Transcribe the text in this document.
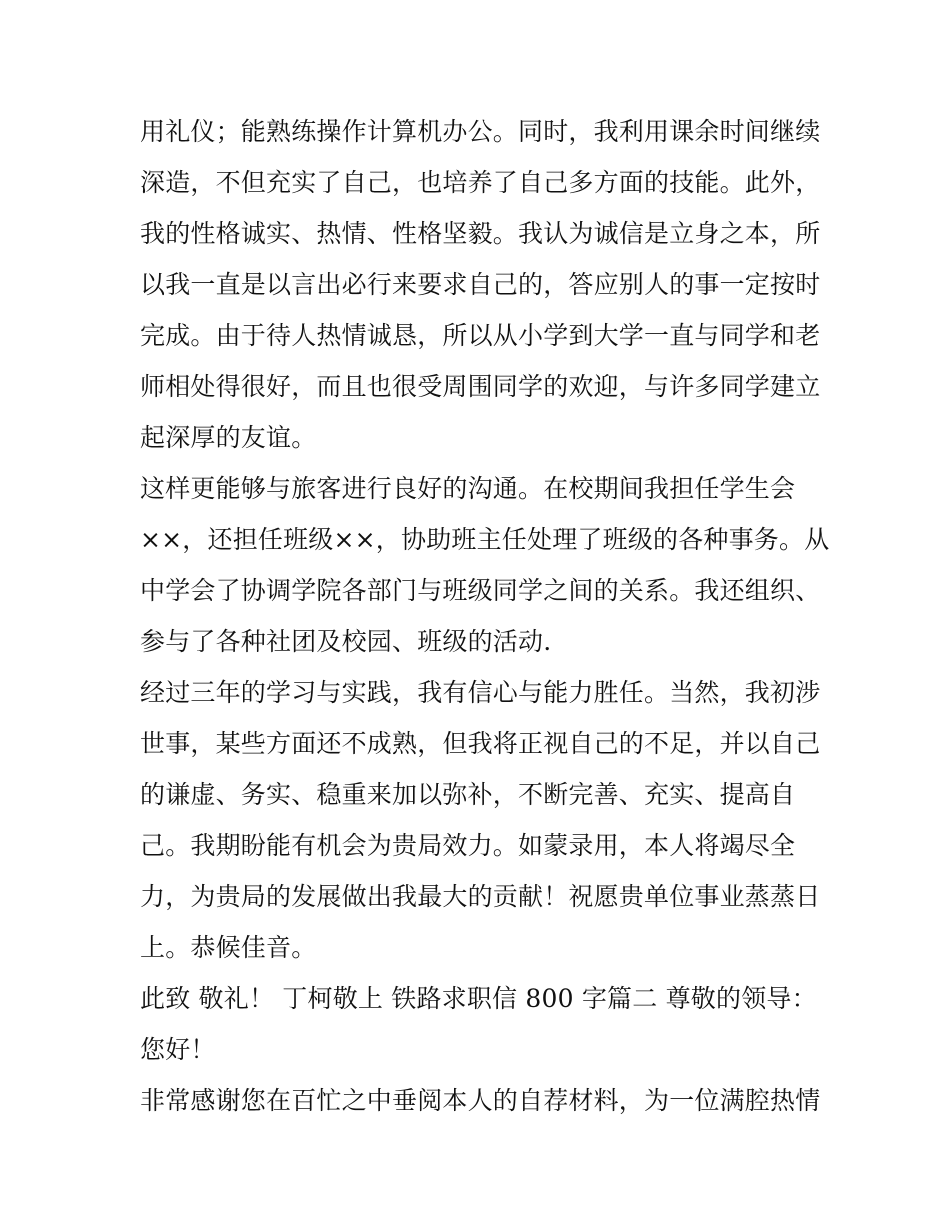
用礼仪；能熟练操作计算机办公。同时，我利用课余时间继续
深造，不但充实了自己，也培养了自己多方面的技能。此外，
我的性格诚实、热情、性格坚毅。我认为诚信是立身之本，所
以我一直是以言出必行来要求自己的，答应别人的事一定按时
完成。由于待人热情诚恳，所以从小学到大学一直与同学和老
师相处得很好，而且也很受周围同学的欢迎，与许多同学建立
起深厚的友谊。
这样更能够与旅客进行良好的沟通。在校期间我担任学生会
××，还担任班级××，协助班主任处理了班级的各种事务。从
中学会了协调学院各部门与班级同学之间的关系。我还组织、
参与了各种社团及校园、班级的活动.
经过三年的学习与实践，我有信心与能力胜任。当然，我初涉
世事，某些方面还不成熟，但我将正视自己的不足，并以自己
的谦虚、务实、稳重来加以弥补，不断完善、充实、提高自
己。我期盼能有机会为贵局效力。如蒙录用，本人将竭尽全
力，为贵局的发展做出我最大的贡献！祝愿贵单位事业蒸蒸日
上。恭候佳音。
此致 敬礼！ 丁柯敬上 铁路求职信 800 字篇二 尊敬的领导：
您好！
非常感谢您在百忙之中垂阅本人的自荐材料，为一位满腔热情
